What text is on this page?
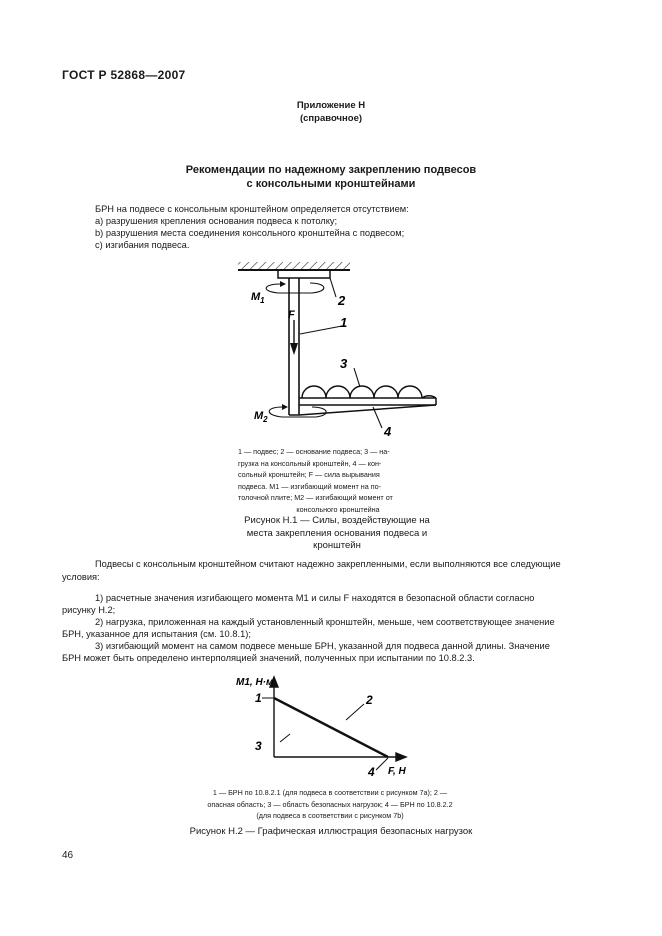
ГОСТ Р 52868—2007
Приложение Н
(справочное)
Рекомендации по надежному закреплению подвесов
с консольными кронштейнами
БРН на подвесе с консольным кронштейном определяется отсутствием:
a) разрушения крепления основания подвеса к потолку;
b) разрушения места соединения консольного кронштейна с подвесом;
c) изгибания подвеса.
$M_1$
F
2
1
3
$M_2$
4
1 — подвес; 2 — основание подвеса; 3 — на-
грузка на консольный кронштейн, 4 — кон-
сольный кронштейн; F — сила вырывания
подвеса. M1 — изгибающий момент на по-
толочной плите; M2 — изгибающий момент от
консольного кронштейна
Рисунок Н.1 — Силы, воздействующие на
места закрепления основания подвеса и
кронштейн
Подвесы с консольным кронштейном считают надежно закрепленными, если выполняются все следующие
условия:
1) расчетные значения изгибающего момента M1 и силы F находятся в безопасной области согласно
рисунку Н.2;
2) нагрузка, приложенная на каждый установленный кронштейн, меньше, чем соответствующее значение
БРН, указанное для испытания (см. 10.8.1);
3) изгибающий момент на самом подвесе меньше БРН, указанной для подвеса данной длины. Значение
БРН может быть определено интерполяцией значений, полученных при испытании по 10.8.2.3.
M1, Н·м
1	2
3
4 F, Н
1 — БРН по 10.8.2.1 (для подвеса в соответствии с рисунком 7a); 2 —
опасная область; 3 — область безопасных нагрузок; 4 — БРН по 10.8.2.2
(для подвеса в соответствии с рисунком 7b)
Рисунок Н.2 — Графическая иллюстрация безопасных нагрузок
46
